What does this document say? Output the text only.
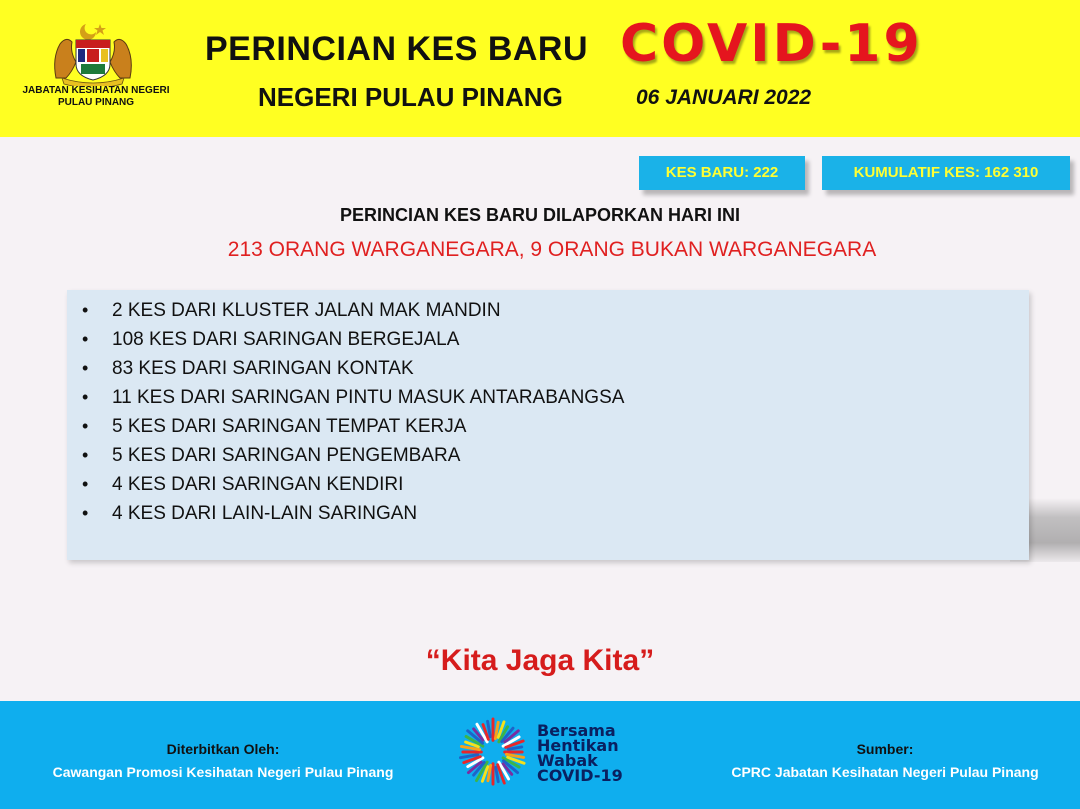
JABATAN KESIHATAN NEGERI PULAU PINANG
PERINCIAN KES BARU COVID-19
NEGERI PULAU PINANG	06 JANUARI 2022
KES BARU: 222	KUMULATIF KES: 162 310
PERINCIAN KES BARU DILAPORKAN HARI INI
213 ORANG WARGANEGARA, 9 ORANG BUKAN WARGANEGARA
• 2 KES DARI KLUSTER JALAN MAK MANDIN
• 108 KES DARI SARINGAN BERGEJALA
• 83 KES DARI SARINGAN KONTAK
• 11 KES DARI SARINGAN PINTU MASUK ANTARABANGSA
• 5 KES DARI SARINGAN TEMPAT KERJA
• 5 KES DARI SARINGAN PENGEMBARA
• 4 KES DARI SARINGAN KENDIRI
• 4 KES DARI LAIN-LAIN SARINGAN
“Kita Jaga Kita”
Diterbitkan Oleh:
Cawangan Promosi Kesihatan Negeri Pulau Pinang
Bersama
Hentikan
Wabak
COVID-19
Sumber:
CPRC Jabatan Kesihatan Negeri Pulau Pinang
